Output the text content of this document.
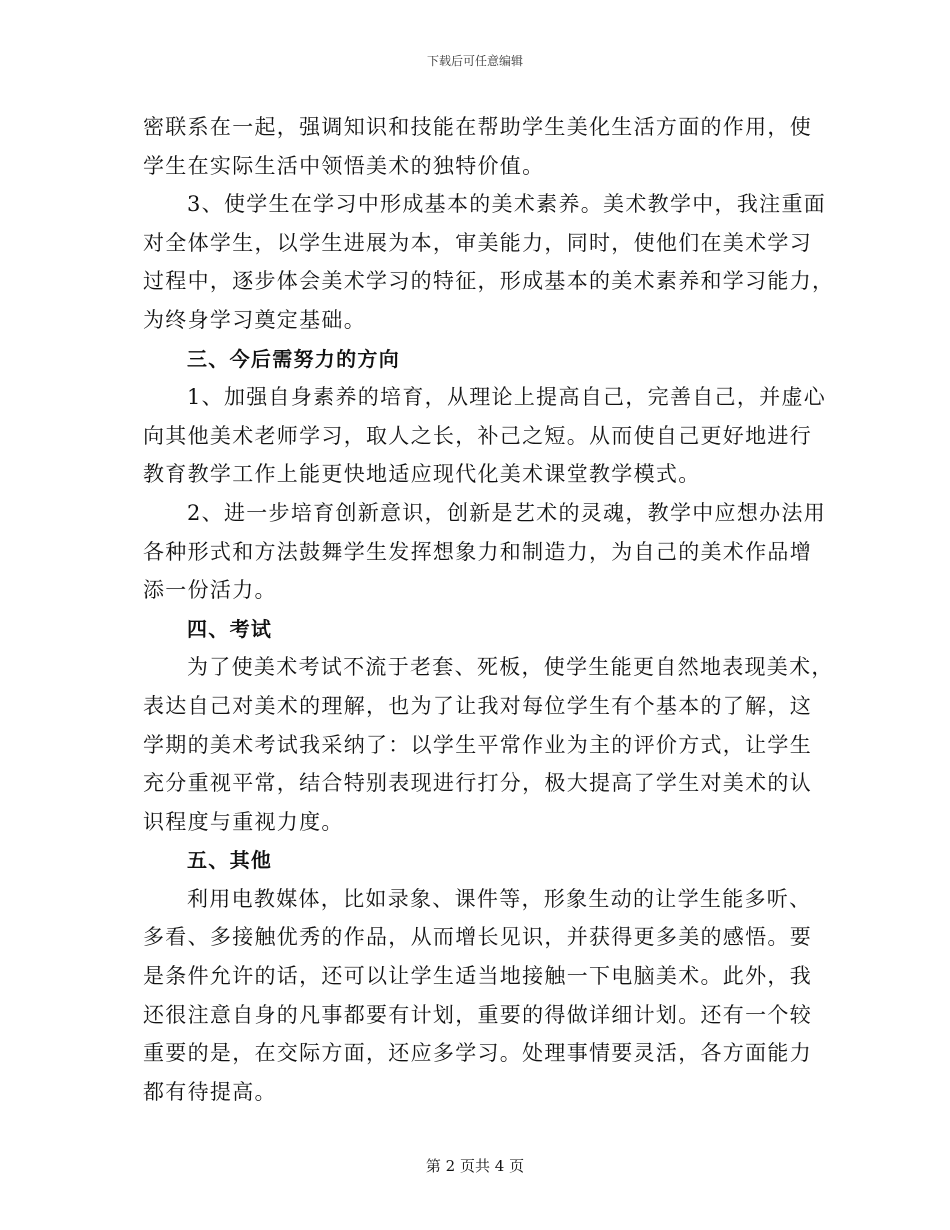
下载后可任意编辑
密联系在一起，强调知识和技能在帮助学生美化生活方面的作用，使
学生在实际生活中领悟美术的独特价值。
3、使学生在学习中形成基本的美术素养。美术教学中，我注重面
对全体学生，以学生进展为本，审美能力，同时，使他们在美术学习
过程中，逐步体会美术学习的特征，形成基本的美术素养和学习能力，
为终身学习奠定基础。
三、今后需努力的方向
1、加强自身素养的培育，从理论上提高自己，完善自己，并虚心
向其他美术老师学习，取人之长，补己之短。从而使自己更好地进行
教育教学工作上能更快地适应现代化美术课堂教学模式。
2、进一步培育创新意识，创新是艺术的灵魂，教学中应想办法用
各种形式和方法鼓舞学生发挥想象力和制造力，为自己的美术作品增
添一份活力。
四、考试
为了使美术考试不流于老套、死板，使学生能更自然地表现美术，
表达自己对美术的理解，也为了让我对每位学生有个基本的了解，这
学期的美术考试我采纳了：以学生平常作业为主的评价方式，让学生
充分重视平常，结合特别表现进行打分，极大提高了学生对美术的认
识程度与重视力度。
五、其他
利用电教媒体，比如录象、课件等，形象生动的让学生能多听、
多看、多接触优秀的作品，从而增长见识，并获得更多美的感悟。要
是条件允许的话，还可以让学生适当地接触一下电脑美术。此外，我
还很注意自身的凡事都要有计划，重要的得做详细计划。还有一个较
重要的是，在交际方面，还应多学习。处理事情要灵活，各方面能力
都有待提高。
第 2 页共 4 页
